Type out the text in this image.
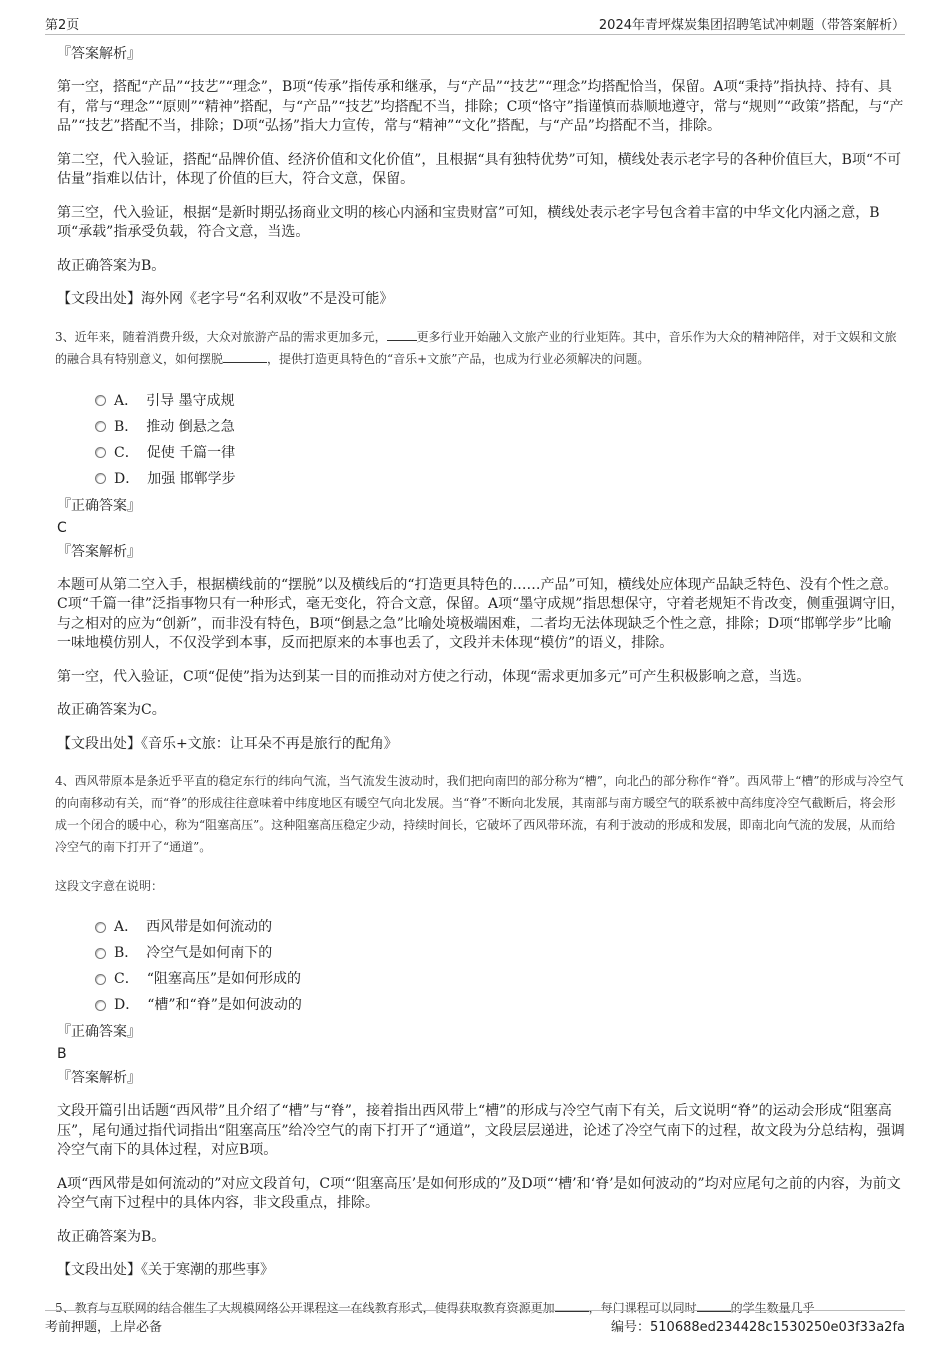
第2页	2024年青坪煤炭集团招聘笔试冲刺题（带答案解析）
『答案解析』

第一空，搭配“产品”“技艺”“理念”，B项“传承”指传承和继承，与“产品”“技艺”“理念”均搭配恰当，保留。A项“秉持”指执持、持有、具有，常与“理念”“原则”“精神”搭配，与“产品”“技艺”均搭配不当，排除；C项“恪守”指谨慎而恭顺地遵守，常与“规则”“政策”搭配，与“产品”“技艺”搭配不当，排除；D项“弘扬”指大力宣传，常与“精神”“文化”搭配，与“产品”均搭配不当，排除。

第二空，代入验证，搭配“品牌价值、经济价值和文化价值”，且根据“具有独特优势”可知，横线处表示老字号的各种价值巨大，B项“不可估量”指难以估计，体现了价值的巨大，符合文意，保留。

第三空，代入验证，根据“是新时期弘扬商业文明的核心内涵和宝贵财富”可知，横线处表示老字号包含着丰富的中华文化内涵之意，B项“承载”指承受负载，符合文意，当选。

故正确答案为B。

【文段出处】海外网《老字号“名利双收”不是没可能》

3、近年来，随着消费升级，大众对旅游产品的需求更加多元，	更多行业开始融入文旅产业的行业矩阵。其中，音乐作为大众的精神陪伴，对于文娱和文旅的融合具有特别意义，如何摆脱	，提供打造更具特色的“音乐+文旅”产品，也成为行业必须解决的问题。
A． 引导 墨守成规
B． 推动 倒悬之急
C． 促使 千篇一律
D． 加强 邯郸学步
『正确答案』
C
『答案解析』

本题可从第二空入手，根据横线前的“摆脱”以及横线后的“打造更具特色的……产品”可知，横线处应体现产品缺乏特色、没有个性之意。C项“千篇一律”泛指事物只有一种形式，毫无变化，符合文意，保留。A项“墨守成规”指思想保守，守着老规矩不肯改变，侧重强调守旧，与之相对的应为“创新”，而非没有特色，B项“倒悬之急”比喻处境极端困难，二者均无法体现缺乏个性之意，排除；D项“邯郸学步”比喻一味地模仿别人，不仅没学到本事，反而把原来的本事也丢了，文段并未体现“模仿”的语义，排除。

第一空，代入验证，C项“促使”指为达到某一目的而推动对方使之行动，体现“需求更加多元”可产生积极影响之意，当选。

故正确答案为C。

【文段出处】《音乐+文旅：让耳朵不再是旅行的配角》

4、西风带原本是条近乎平直的稳定东行的纬向气流，当气流发生波动时，我们把向南凹的部分称为“槽”，向北凸的部分称作“脊”。西风带上“槽”的形成与冷空气的向南移动有关，而“脊”的形成往往意味着中纬度地区有暖空气向北发展。当“脊”不断向北发展，其南部与南方暖空气的联系被中高纬度冷空气截断后，将会形成一个闭合的暖中心，称为“阻塞高压”。这种阻塞高压稳定少动，持续时间长，它破坏了西风带环流，有利于波动的形成和发展，即南北向气流的发展，从而给冷空气的南下打开了“通道”。
这段文字意在说明：
A． 西风带是如何流动的
B． 冷空气是如何南下的
C． “阻塞高压”是如何形成的
D． “槽”和“脊”是如何波动的
『正确答案』
B
『答案解析』

文段开篇引出话题“西风带”且介绍了“槽”与“脊”，接着指出西风带上“槽”的形成与冷空气南下有关，后文说明“脊”的运动会形成“阻塞高压”，尾句通过指代词指出“阻塞高压”给冷空气的南下打开了“通道”，文段层层递进，论述了冷空气南下的过程，故文段为分总结构，强调冷空气南下的具体过程，对应B项。

A项“西风带是如何流动的”对应文段首句，C项“‘阻塞高压’是如何形成的”及D项“‘槽’和‘脊’是如何波动的”均对应尾句之前的内容，为前文冷空气南下过程中的具体内容，非文段重点，排除。

故正确答案为B。

【文段出处】《关于寒潮的那些事》

5、教育与互联网的结合催生了大规模网络公开课程这一在线教育形式，使得获取教育资源更加	，每门课程可以同时	的学生数量几乎
考前押题，上岸必备	编号：510688ed234428c1530250e03f33a2fa
